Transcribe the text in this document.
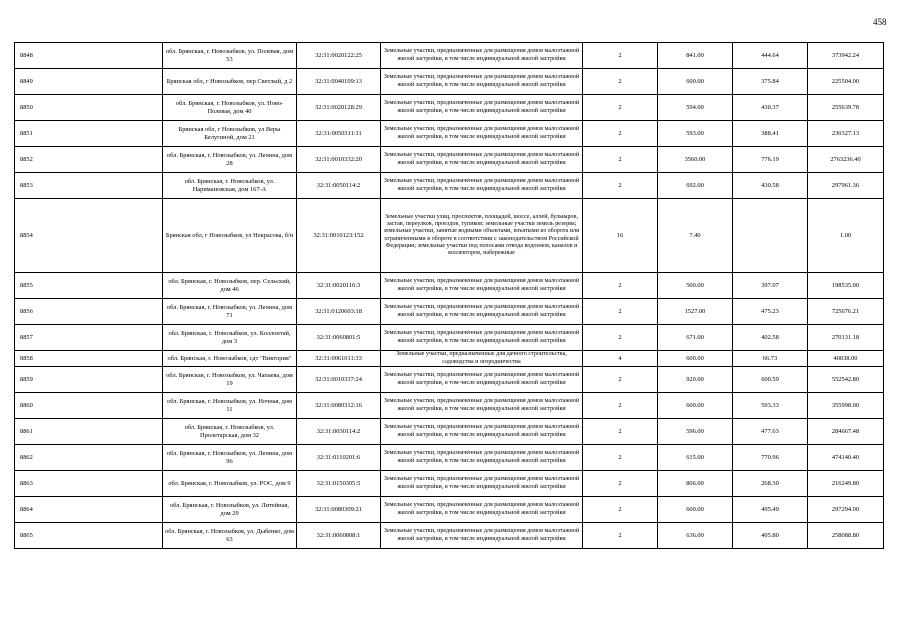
458
8848	обл. Брянская, г. Новозыбков, ул. Полевая, дом 53	32:31:0020122:25	Земельные участки, предназначенные для размещения домов малоэтажной жилой застройки, в том числе индивидуальной жилой застройки	2	841.00	444.64	373942.24
8849	Брянская обл, г Новозыбков, пер Светлый, д 2	32:31:0040109:13	Земельные участки, предназначенные для размещения домов малоэтажной жилой застройки, в том числе индивидуальной жилой застройки	2	600.00	375.84	225504.00
8850	обл. Брянская, г. Новозыбков, ул. Ново-Полевая, дом 40	32:31:0020128:29	Земельные участки, предназначенные для размещения домов малоэтажной жилой застройки, в том числе индивидуальной жилой застройки	2	594.00	430.37	255639.78
8851	Брянская обл, г Новозыбков, ул Веры Белугиной, дом 21	32:31:0050311:11	Земельные участки, предназначенные для размещения домов малоэтажной жилой застройки, в том числе индивидуальной жилой застройки	2	593.00	388.41	230327.13
8852	обл. Брянская, г. Новозыбков, ул. Ленина, дом 28	32:31:0010332:20	Земельные участки, предназначенные для размещения домов малоэтажной жилой застройки, в том числе индивидуальной жилой застройки	2	3560.00	776.19	2763236.40
8853	обл. Брянская, г. Новозыбков, ул. Наримановская, дом 167-А	32:31:0050114:2	Земельные участки, предназначенные для размещения домов малоэтажной жилой застройки, в том числе индивидуальной жилой застройки	2	692.00	430.58	297961.36
8854	Брянская обл, г Новозыбков, ул Некрасова, б/н	32:31:0010123:152	Земельные участки улиц, проспектов, площадей, шоссе, аллей, бульваров, застав, переулков, проездов, тупиков; земельные участки земель резерва; земельные участки, занятые водными объектами, изъятыми из оборота или ограниченными в обороте в соответствии с законодательством Российской Федерации; земельные участки под полосами отвода водоемов, каналов и коллекторов, набережные	16	7.40		1.00
8855	обл. Брянская, г. Новозыбков, пер. Сельский, дом 46	32:31:0020116:3	Земельные участки, предназначенные для размещения домов малоэтажной жилой застройки, в том числе индивидуальной жилой застройки	2	500.00	397.07	198535.00
8856	обл. Брянская, г. Новозыбков, ул. Ленина, дом 71	32:31:0120603:18	Земельные участки, предназначенные для размещения домов малоэтажной жилой застройки, в том числе индивидуальной жилой застройки	2	1527.00	475.23	725676.21
8857	обл. Брянская, г. Новозыбков, ул. Коллонтай, дом 3	32:31:0060801:5	Земельные участки, предназначенные для размещения домов малоэтажной жилой застройки, в том числе индивидуальной жилой застройки	2	671.00	402.58	270131.18
8858	обл. Брянская, г. Новозыбков, сдт "Виктория"	32:31:0061011:33	Земельные участки, предназначенные для дачного строительства, садоводства и огородничества	4	600.00	66.73	40038.00
8859	обл. Брянская, г. Новозыбков, ул. Чапаева, дом 19	32:31:0010337:24	Земельные участки, предназначенные для размещения домов малоэтажной жилой застройки, в том числе индивидуальной жилой застройки	2	920.00	600.59	552542.80
8860	обл. Брянская, г. Новозыбков, ул. Ночная, дом 11	32:31:0080312:16	Земельные участки, предназначенные для размещения домов малоэтажной жилой застройки, в том числе индивидуальной жилой застройки	2	600.00	593.33	355998.00
8861	обл. Брянская, г. Новозыбков, ул. Пролетарская, дом 32	32:31:0030114:2	Земельные участки, предназначенные для размещения домов малоэтажной жилой застройки, в том числе индивидуальной жилой застройки	2	596.00	477.63	284667.48
8862	обл. Брянская, г. Новозыбков, ул. Ленина, дом 96	32:31:0110201:6	Земельные участки, предназначенные для размещения домов малоэтажной жилой застройки, в том числе индивидуальной жилой застройки	2	615.00	770.96	474140.40
8863	обл. Брянская, г. Новозыбков, ул. РОС, дом 9	32:31:0150305:5	Земельные участки, предназначенные для размещения домов малоэтажной жилой застройки, в том числе индивидуальной жилой застройки	2	806.00	268.30	216249.80
8864	обл. Брянская, г. Новозыбков, ул. Литейная, дом 29	32:31:0080309:21	Земельные участки, предназначенные для размещения домов малоэтажной жилой застройки, в том числе индивидуальной жилой застройки	2	600.00	495.49	297294.00
8865	обл. Брянская, г. Новозыбков, ул. Дыбенко, дом 63	32:31:0060808:1	Земельные участки, предназначенные для размещения домов малоэтажной жилой застройки, в том числе индивидуальной жилой застройки	2	636.00	405.80	258088.80
